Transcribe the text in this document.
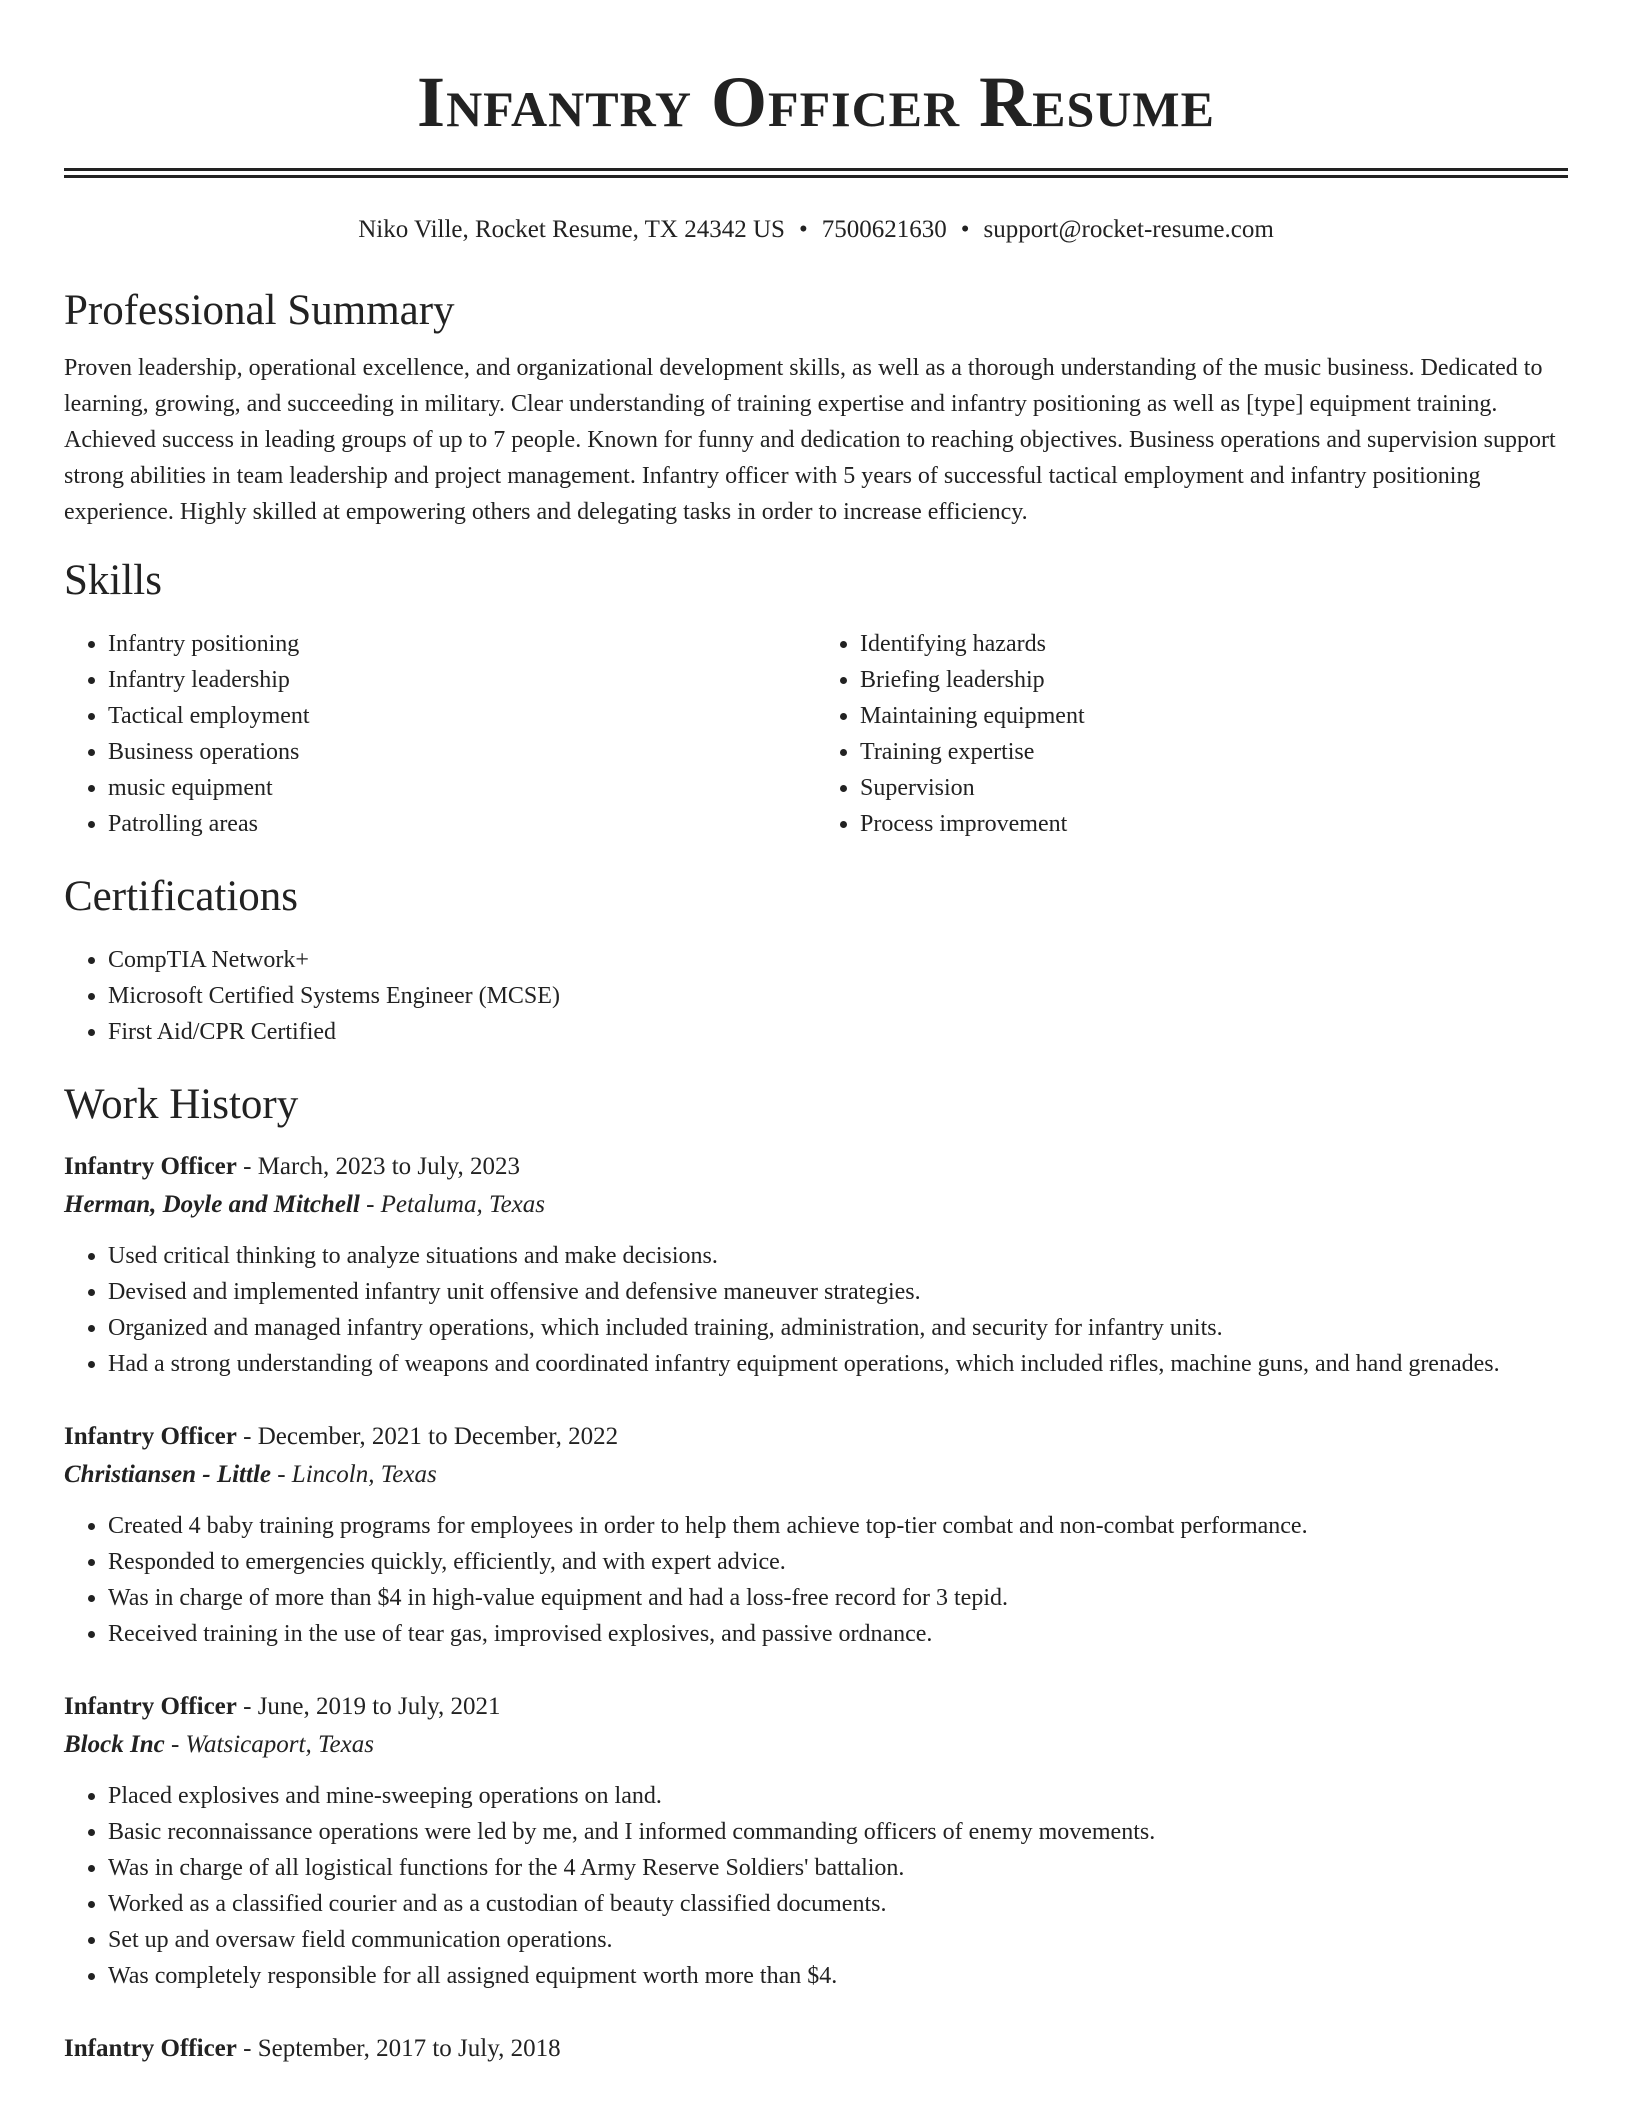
Infantry Officer Resume
Niko Ville, Rocket Resume, TX 24342 US • 7500621630 • support@rocket-resume.com
Professional Summary

Proven leadership, operational excellence, and organizational development skills, as well as a thorough understanding of the music business. Dedicated to learning, growing, and succeeding in military. Clear understanding of training expertise and infantry positioning as well as [type] equipment training. Achieved success in leading groups of up to 7 people. Known for funny and dedication to reaching objectives. Business operations and supervision support strong abilities in team leadership and project management. Infantry officer with 5 years of successful tactical employment and infantry positioning experience. Highly skilled at empowering others and delegating tasks in order to increase efficiency.

Skills
• Infantry positioning
• Infantry leadership
• Tactical employment
• Business operations
• music equipment
• Patrolling areas
• Identifying hazards
• Briefing leadership
• Maintaining equipment
• Training expertise
• Supervision
• Process improvement
Certifications
• CompTIA Network+
• Microsoft Certified Systems Engineer (MCSE)
• First Aid/CPR Certified
Work History
Infantry Officer - March, 2023 to July, 2023
Herman, Doyle and Mitchell - Petaluma, Texas
• Used critical thinking to analyze situations and make decisions.
• Devised and implemented infantry unit offensive and defensive maneuver strategies.
• Organized and managed infantry operations, which included training, administration, and security for infantry units.
• Had a strong understanding of weapons and coordinated infantry equipment operations, which included rifles, machine guns, and hand grenades.
Infantry Officer - December, 2021 to December, 2022
Christiansen - Little - Lincoln, Texas
• Created 4 baby training programs for employees in order to help them achieve top-tier combat and non-combat performance.
• Responded to emergencies quickly, efficiently, and with expert advice.
• Was in charge of more than $4 in high-value equipment and had a loss-free record for 3 tepid.
• Received training in the use of tear gas, improvised explosives, and passive ordnance.
Infantry Officer - June, 2019 to July, 2021
Block Inc - Watsicaport, Texas
• Placed explosives and mine-sweeping operations on land.
• Basic reconnaissance operations were led by me, and I informed commanding officers of enemy movements.
• Was in charge of all logistical functions for the 4 Army Reserve Soldiers' battalion.
• Worked as a classified courier and as a custodian of beauty classified documents.
• Set up and oversaw field communication operations.
• Was completely responsible for all assigned equipment worth more than $4.
Infantry Officer - September, 2017 to July, 2018
